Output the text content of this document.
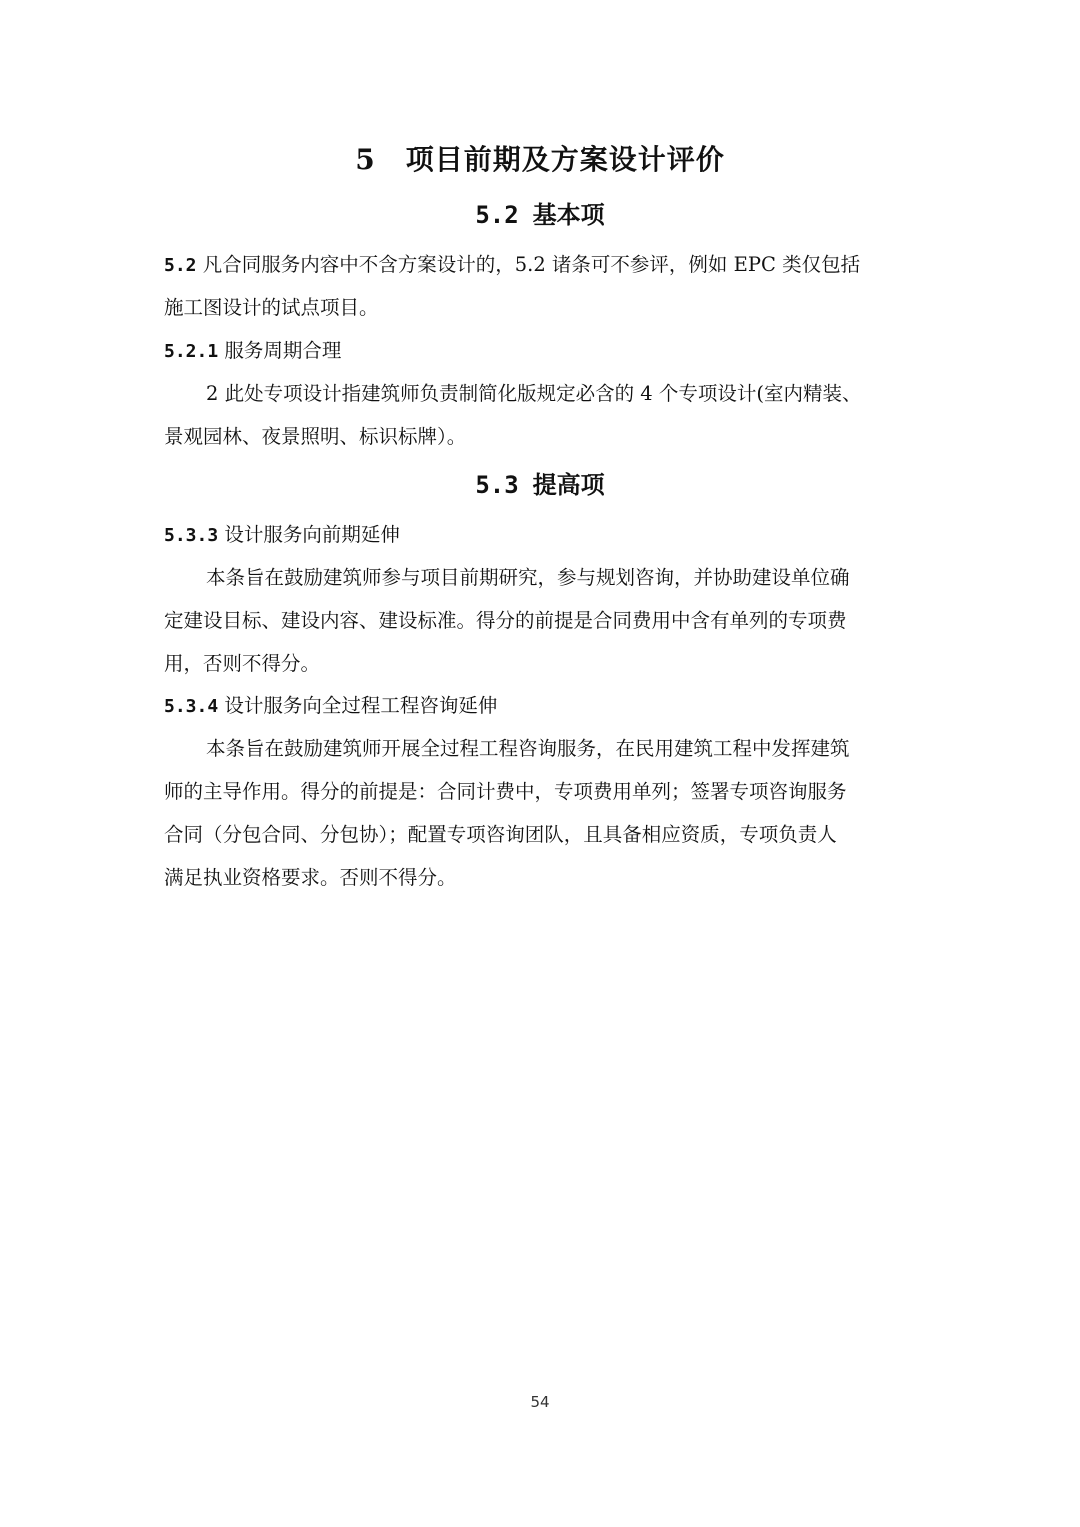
5 项目前期及方案设计评价
5.2 基本项
5.2 凡合同服务内容中不含方案设计的，5.2 诸条可不参评，例如 EPC 类仅包括
施工图设计的试点项目。
5.2.1 服务周期合理
2 此处专项设计指建筑师负责制简化版规定必含的 4 个专项设计(室内精装、
景观园林、夜景照明、标识标牌）。
5.3 提高项
5.3.3 设计服务向前期延伸
本条旨在鼓励建筑师参与项目前期研究，参与规划咨询，并协助建设单位确
定建设目标、建设内容、建设标准。得分的前提是合同费用中含有单列的专项费
用，否则不得分。
5.3.4 设计服务向全过程工程咨询延伸
本条旨在鼓励建筑师开展全过程工程咨询服务，在民用建筑工程中发挥建筑
师的主导作用。得分的前提是：合同计费中，专项费用单列；签署专项咨询服务
合同（分包合同、分包协）；配置专项咨询团队，且具备相应资质，专项负责人
满足执业资格要求。否则不得分。
54
